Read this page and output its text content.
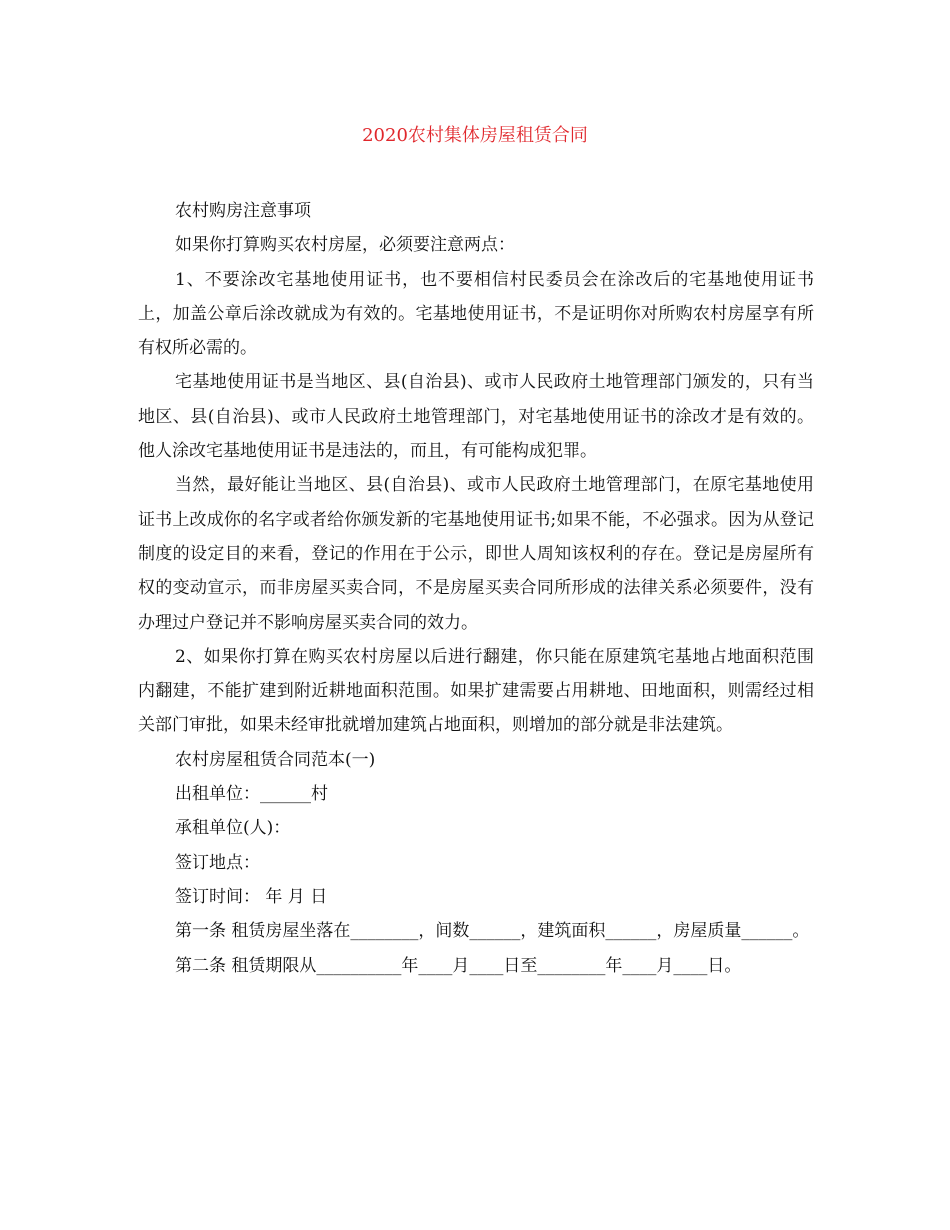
2020农村集体房屋租赁合同

农村购房注意事项

如果你打算购买农村房屋，必须要注意两点：

1、不要涂改宅基地使用证书，也不要相信村民委员会在涂改后的宅基地使用证书上，加盖公章后涂改就成为有效的。宅基地使用证书，不是证明你对所购农村房屋享有所有权所必需的。

宅基地使用证书是当地区、县(自治县)、或市人民政府土地管理部门颁发的，只有当地区、县(自治县)、或市人民政府土地管理部门，对宅基地使用证书的涂改才是有效的。他人涂改宅基地使用证书是违法的，而且，有可能构成犯罪。

当然，最好能让当地区、县(自治县)、或市人民政府土地管理部门，在原宅基地使用证书上改成你的名字或者给你颁发新的宅基地使用证书;如果不能，不必强求。因为从登记制度的设定目的来看，登记的作用在于公示，即世人周知该权利的存在。登记是房屋所有权的变动宣示，而非房屋买卖合同，不是房屋买卖合同所形成的法律关系必须要件，没有办理过户登记并不影响房屋买卖合同的效力。

2、如果你打算在购买农村房屋以后进行翻建，你只能在原建筑宅基地占地面积范围内翻建，不能扩建到附近耕地面积范围。如果扩建需要占用耕地、田地面积，则需经过相关部门审批，如果未经审批就增加建筑占地面积，则增加的部分就是非法建筑。

农村房屋租赁合同范本(一)

出租单位：______村

承租单位(人)：

签订地点：

签订时间： 年 月 日

第一条 租赁房屋坐落在________，间数______，建筑面积______，房屋质量______。

第二条 租赁期限从__________年____月____日至________年____月____日。
